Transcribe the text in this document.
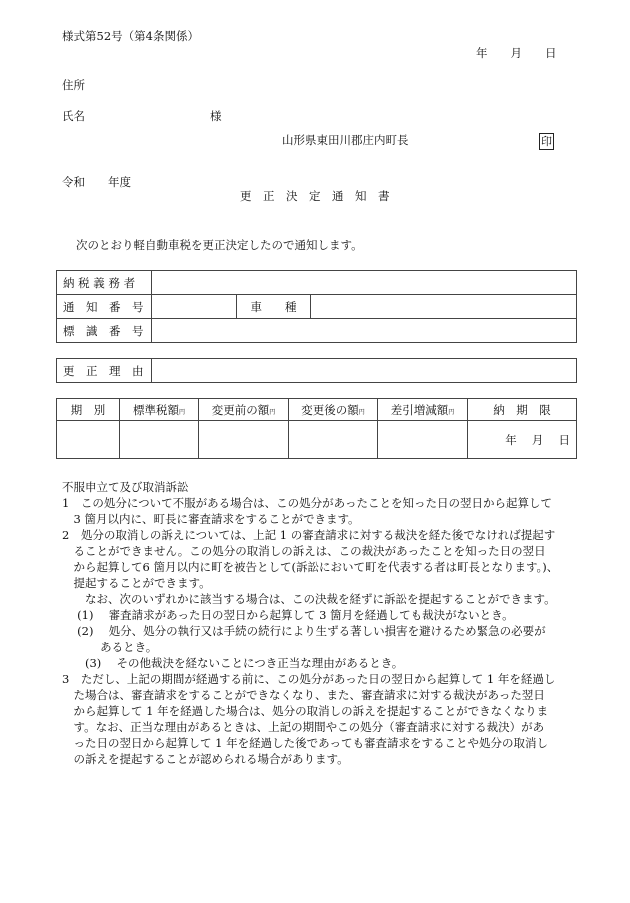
様式第52号（第4条関係）
年　　月　　日
住所
氏名	様
山形県東田川郡庄内町長	印
令和　　年度
更　正　決　定　通　知　書
次のとおり軽自動車税を更正決定したので通知します。
納 税 義 務 者			
通　知　番　号		車　　種	
標　識　番　号			
更　正　理　由	
期　別	標準税額円	変更前の額円	変更後の額円	差引増減額円	納　期　限
					年　 月　 日

不服申立て及び取消訴訟

1　この処分について不服がある場合は、この処分があったことを知った日の翌日から起算して

　3 箇月以内に、町長に審査請求をすることができます。

2　処分の取消しの訴えについては、上記 1 の審査請求に対する裁決を経た後でなければ提起す

　ることができません。この処分の取消しの訴えは、この裁決があったことを知った日の翌日

　から起算して6 箇月以内に町を被告として(訴訟において町を代表する者は町長となります。)、

　提起することができます。

　　なお、次のいずれかに該当する場合は、この決裁を経ずに訴訟を提起することができます。

　 (1)　 審査請求があった日の翌日から起算して 3 箇月を経過しても裁決がないとき。

　 (2)　 処分、処分の執行又は手続の続行により生ずる著しい損害を避けるため緊急の必要が

　　　 あるとき。

　　(3)　 その他裁決を経ないことにつき正当な理由があるとき。

3　ただし、上記の期間が経過する前に、この処分があった日の翌日から起算して 1 年を経過し

　た場合は、審査請求をすることができなくなり、また、審査請求に対する裁決があった翌日

　から起算して 1 年を経過した場合は、処分の取消しの訴えを提起することができなくなりま

　す。なお、正当な理由があるときは、上記の期間やこの処分（審査請求に対する裁決）があ

　った日の翌日から起算して 1 年を経過した後であっても審査請求をすることや処分の取消し

　の訴えを提起することが認められる場合があります。
